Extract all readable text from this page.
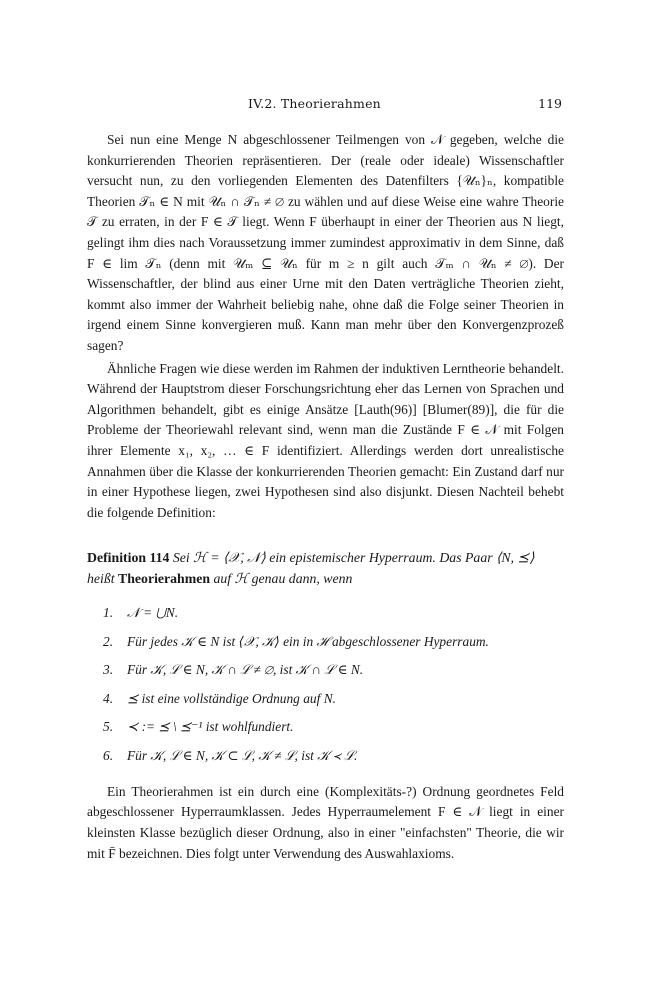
IV.2. Theorierahmen	119

Sei nun eine Menge N abgeschlossener Teilmengen von 𝒩 gegeben, welche die konkurrierenden Theorien repräsentieren. Der (reale oder ideale) Wissenschaftler versucht nun, zu den vorliegenden Elementen des Datenfilters {𝒰ₙ}ₙ, kompatible Theorien 𝒯ₙ ∈ N mit 𝒰ₙ ∩ 𝒯ₙ ≠ ∅ zu wählen und auf diese Weise eine wahre Theorie 𝒯 zu erraten, in der F ∈ 𝒯 liegt. Wenn F überhaupt in einer der Theorien aus N liegt, gelingt ihm dies nach Voraussetzung immer zumindest approximativ in dem Sinne, daß F ∈ lim 𝒯ₙ (denn mit 𝒰ₘ ⊆ 𝒰ₙ für m ≥ n gilt auch 𝒯ₘ ∩ 𝒰ₙ ≠ ∅). Der Wissenschaftler, der blind aus einer Urne mit den Daten verträgliche Theorien zieht, kommt also immer der Wahrheit beliebig nahe, ohne daß die Folge seiner Theorien in irgend einem Sinne konvergieren muß. Kann man mehr über den Konvergenzprozeß sagen?

Ähnliche Fragen wie diese werden im Rahmen der induktiven Lerntheorie behandelt. Während der Hauptstrom dieser Forschungsrichtung eher das Lernen von Sprachen und Algorithmen behandelt, gibt es einige Ansätze [Lauth(96)] [Blumer(89)], die für die Probleme der Theoriewahl relevant sind, wenn man die Zustände F ∈ 𝒩 mit Folgen ihrer Elemente x₁, x₂, … ∈ F identifiziert. Allerdings werden dort unrealistische Annahmen über die Klasse der konkurrierenden Theorien gemacht: Ein Zustand darf nur in einer Hypothese liegen, zwei Hypothesen sind also disjunkt. Diesen Nachteil behebt die folgende Definition:

Definition 114 Sei ℋ = ⟨𝒳, 𝒩⟩ ein epistemischer Hyperraum. Das Paar ⟨N, ⪯⟩ heißt Theorierahmen auf ℋ genau dann, wenn

1. 𝒩 = ⋃N.
2. Für jedes 𝒦 ∈ N ist ⟨𝒳, 𝒦⟩ ein in ℋ abgeschlossener Hyperraum.
3. Für 𝒦, ℒ ∈ N, 𝒦 ∩ ℒ ≠ ∅, ist 𝒦 ∩ ℒ ∈ N.
4. ⪯ ist eine vollständige Ordnung auf N.
5. ≺ := ⪯ \ ⪯⁻¹ ist wohlfundiert.
6. Für 𝒦, ℒ ∈ N, 𝒦 ⊂ ℒ, 𝒦 ≠ ℒ, ist 𝒦 ≺ ℒ.

Ein Theorierahmen ist ein durch eine (Komplexitäts-?) Ordnung geordnetes Feld abgeschlossener Hyperraumklassen. Jedes Hyperraumelement F ∈ 𝒩 liegt in einer kleinsten Klasse bezüglich dieser Ordnung, also in einer "einfachsten" Theorie, die wir mit F̄ bezeichnen. Dies folgt unter Verwendung des Auswahlaxioms.
